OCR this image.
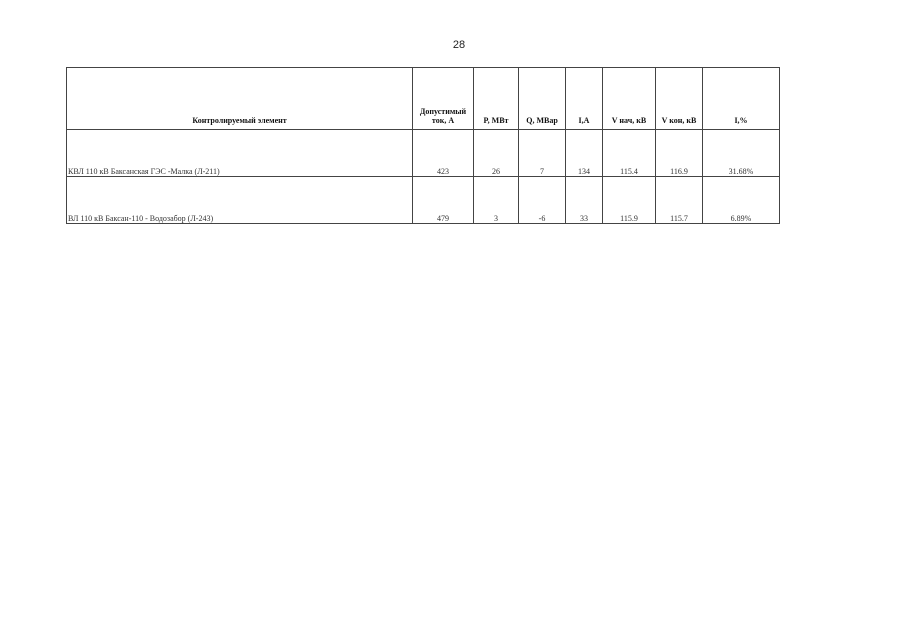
28
Контролируемый элемент	Допустимый ток, А	P, МВт	Q, МВар	I,A	V нач, кВ	V кон, кВ	I,%
КВЛ 110 кВ Баксанская ГЭС -Малка (Л-211)	423	26	7	134	115.4	116.9	31.68%
ВЛ 110 кВ Баксан-110 - Водозабор (Л-243)	479	3	-6	33	115.9	115.7	6.89%
